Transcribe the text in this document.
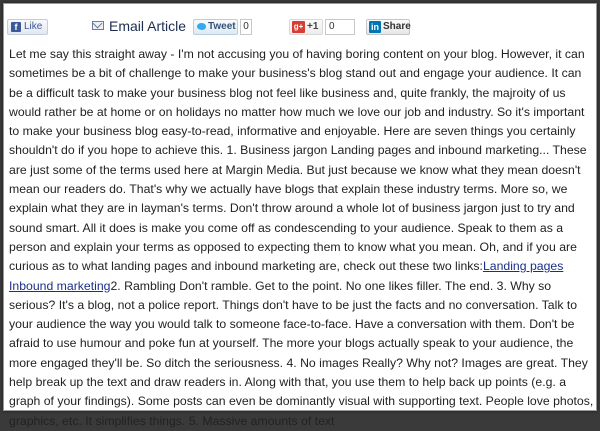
f Like	Email Article Tweet 0	g+ +1	0	in Share

Let me say this straight away - I'm not accusing you of having boring content on your blog. However, it can sometimes be a bit of challenge to make your business's blog stand out and engage your audience. It can be a difficult task to make your business blog not feel like business and, quite frankly, the majroity of us would rather be at home or on holidays no matter how much we love our job and industry. So it's important to make your business blog easy-to-read, informative and enjoyable. Here are seven things you certainly shouldn't do if you hope to achieve this. 1. Business jargon Landing pages and inbound marketing... These are just some of the terms used here at Margin Media. But just because we know what they mean doesn't mean our readers do. That's why we actually have blogs that explain these industry terms. More so, we explain what they are in layman's terms. Don't throw around a whole lot of business jargon just to try and sound smart. All it does is make you come off as condescending to your audience. Speak to them as a person and explain your terms as opposed to expecting them to know what you mean. Oh, and if you are curious as to what landing pages and inbound marketing are, check out these two links:Landing pages Inbound marketing2. Rambling Don't ramble. Get to the point. No one likes filler. The end. 3. Why so serious? It's a blog, not a police report. Things don't have to be just the facts and no conversation. Talk to your audience the way you would talk to someone face-to-face. Have a conversation with them. Don't be afraid to use humour and poke fun at yourself. The more your blogs actually speak to your audience, the more engaged they'll be. So ditch the seriousness. 4. No images Really? Why not? Images are great. They help break up the text and draw readers in. Along with that, you use them to help back up points (e.g. a graph of your findings). Some posts can even be dominantly visual with supporting text. People love photos, graphics, etc. It simplifies things. 5. Massive amounts of text
